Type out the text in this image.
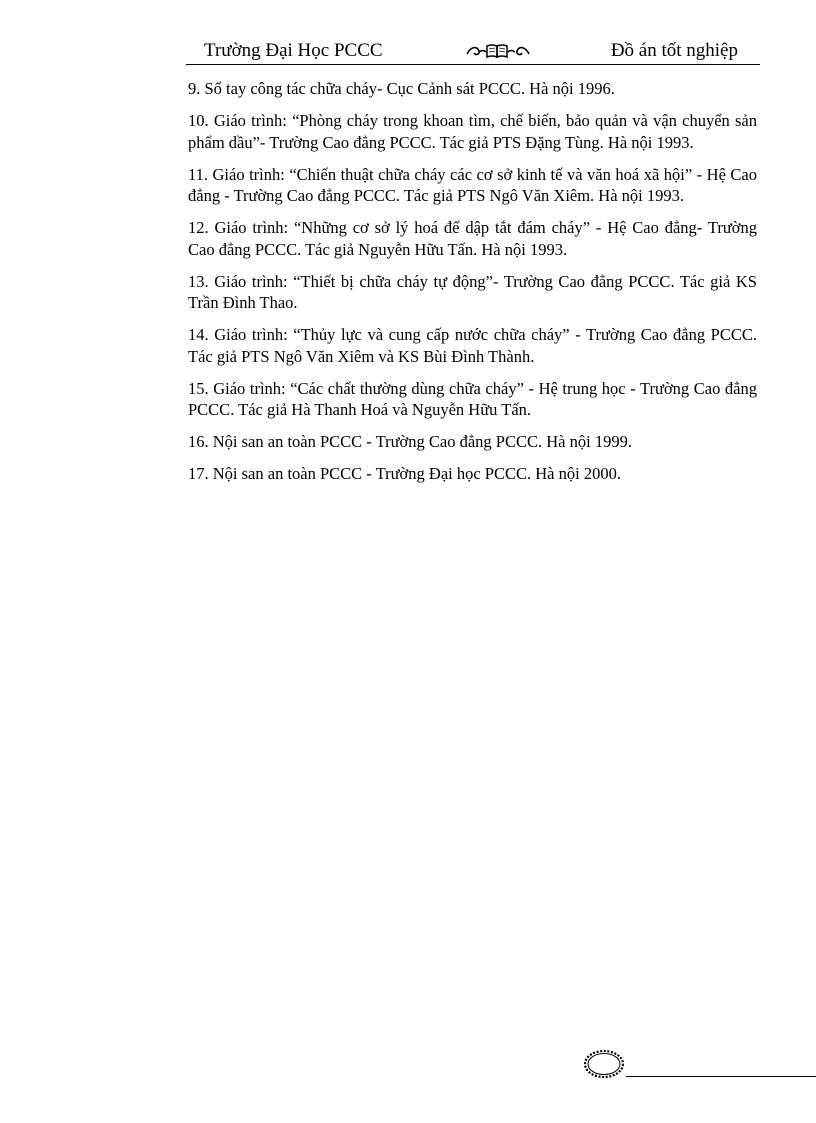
Trường Đại Học PCCC	Đồ án tốt nghiệp

9. Sổ tay công tác chữa cháy- Cục Cảnh sát PCCC. Hà nội 1996.

10. Giáo trình: “Phòng cháy trong khoan tìm, chế biến, bảo quản và vận chuyển sản phẩm dầu”- Trường Cao đẳng PCCC. Tác giả PTS Đặng Tùng. Hà nội 1993.

11. Giáo trình: “Chiến thuật chữa cháy các cơ sở kinh tế và văn hoá xã hội” - Hệ Cao đẳng - Trường Cao đẳng PCCC. Tác giả PTS Ngô Văn Xiêm. Hà nội 1993.

12. Giáo trình: “Những cơ sở lý hoá để dập tắt đám cháy” - Hệ Cao đẳng- Trường Cao đẳng PCCC. Tác giả Nguyễn Hữu Tấn. Hà nội 1993.

13. Giáo trình: “Thiết bị chữa cháy tự động”- Trường Cao đẳng PCCC. Tác giả KS Trần Đình Thao.

14. Giáo trình: “Thủy lực và cung cấp nước chữa cháy” - Trường Cao đẳng PCCC. Tác giả PTS Ngô Văn Xiêm và KS Bùi Đình Thành.

15. Giáo trình: “Các chất thường dùng chữa cháy” - Hệ trung học - Trường Cao đẳng PCCC. Tác giả Hà Thanh Hoá và Nguyễn Hữu Tấn.

16. Nội san an toàn PCCC - Trường Cao đẳng PCCC. Hà nội 1999.

17. Nội san an toàn PCCC - Trường Đại học PCCC. Hà nội 2000.
